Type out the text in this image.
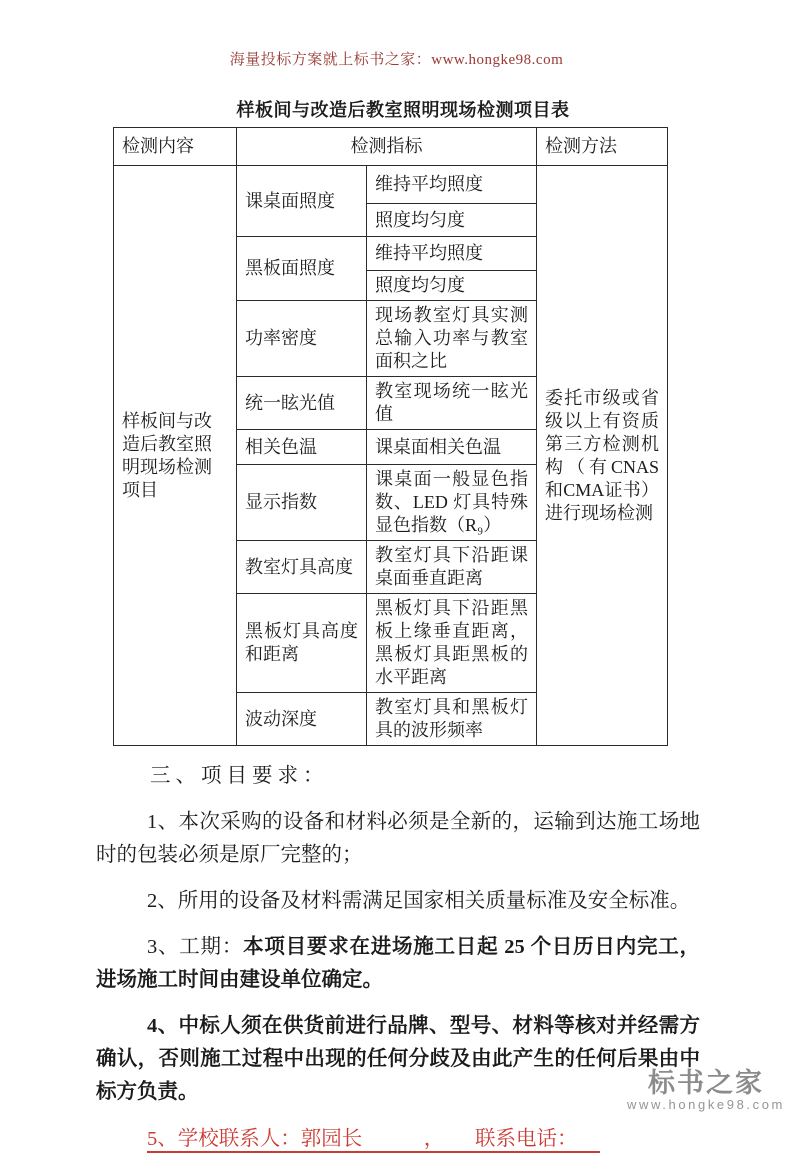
海量投标方案就上标书之家：www.hongke98.com
样板间与改造后教室照明现场检测项目表
检测内容	检测指标		检测方法
样板间与改造后教室照明现场检测项目	课桌面照度	维持平均照度	委托市级或省级以上有资质第三方检测机构（有CNAS和CMA证书）进行现场检测
		照度均匀度	
	黑板面照度	维持平均照度	
		照度均匀度	
	功率密度	现场教室灯具实测总输入功率与教室面积之比	
	统一眩光值	教室现场统一眩光值	
	相关色温	课桌面相关色温	
	显示指数	课桌面一般显色指数、LED 灯具特殊显色指数（R₉）	
	教室灯具高度	教室灯具下沿距课桌面垂直距离	
	黑板灯具高度和距离	黑板灯具下沿距黑板上缘垂直距离，黑板灯具距黑板的水平距离	
	波动深度	教室灯具和黑板灯具的波形频率	
三、项目要求：

1、本次采购的设备和材料必须是全新的，运输到达施工场地时的包装必须是原厂完整的；

2、所用的设备及材料需满足国家相关质量标准及安全标准。

3、工期：本项目要求在进场施工日起 25 个日历日内完工，进场施工时间由建设单位确定。

4、中标人须在供货前进行品牌、型号、材料等核对并经需方确认，否则施工过程中出现的任何分歧及由此产生的任何后果由中标方负责。

5、学校联系人：郭园长　　　，　　联系电话：

标书之家
www.hongke98.com
